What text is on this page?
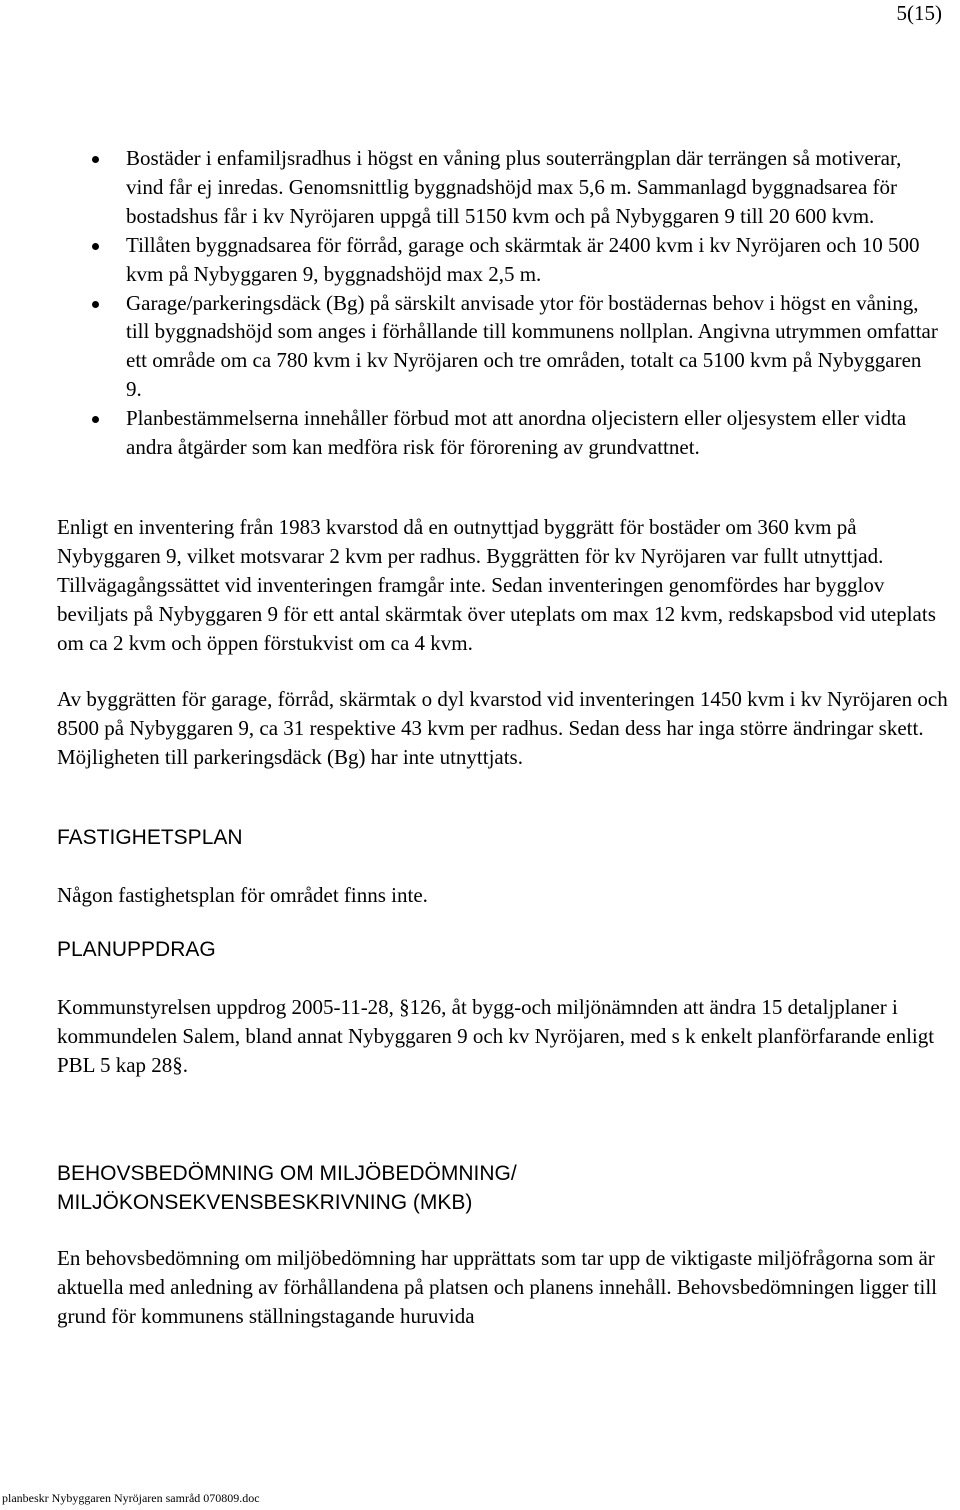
5(15)
Bostäder i enfamiljsradhus i högst en våning plus souterrängplan där terrängen så motiverar, vind får ej inredas. Genomsnittlig byggnadshöjd max 5,6 m. Sammanlagd byggnadsarea för bostadshus får i kv Nyröjaren uppgå till 5150 kvm och på Nybyggaren 9 till 20 600 kvm.
Tillåten byggnadsarea för förråd, garage och skärmtak är 2400 kvm i kv Nyröjaren och 10 500 kvm på Nybyggaren 9, byggnadshöjd max 2,5 m.
Garage/parkeringsdäck (Bg) på särskilt anvisade ytor för bostädernas behov i högst en våning, till byggnadshöjd som anges i förhållande till kommunens nollplan. Angivna utrymmen omfattar ett område om ca 780 kvm i kv Nyröjaren och tre områden, totalt ca 5100 kvm på Nybyggaren 9.
Planbestämmelserna innehåller förbud mot att anordna oljecistern eller oljesystem eller vidta andra åtgärder som kan medföra risk för förorening av grundvattnet.

Enligt en inventering från 1983 kvarstod då en outnyttjad byggrätt för bostäder om 360 kvm på Nybyggaren 9, vilket motsvarar 2 kvm per radhus. Byggrätten för kv Nyröjaren var fullt utnyttjad. Tillvägagångssättet vid inventeringen framgår inte. Sedan inventeringen genomfördes har bygglov beviljats på Nybyggaren 9 för ett antal skärmtak över uteplats om max 12 kvm, redskapsbod vid uteplats om ca 2 kvm och öppen förstukvist om ca 4 kvm.

Av byggrätten för garage, förråd, skärmtak o dyl kvarstod vid inventeringen 1450 kvm i kv Nyröjaren och 8500 på Nybyggaren 9, ca 31 respektive 43 kvm per radhus. Sedan dess har inga större ändringar skett. Möjligheten till parkeringsdäck (Bg) har inte utnyttjats.

FASTIGHETSPLAN

Någon fastighetsplan för området finns inte.

PLANUPPDRAG

Kommunstyrelsen uppdrog 2005-11-28, §126, åt bygg-och miljönämnden att ändra 15 detaljplaner i kommundelen Salem, bland annat Nybyggaren 9 och kv Nyröjaren, med s k enkelt planförfarande enligt PBL 5 kap 28§.

BEHOVSBEDÖMNING OM MILJÖBEDÖMNING/ MILJÖKONSEKVENSBESKRIVNING (MKB)

En behovsbedömning om miljöbedömning har upprättats som tar upp de viktigaste miljöfrågorna som är aktuella med anledning av förhållandena på platsen och planens innehåll. Behovsbedömningen ligger till grund för kommunens ställningstagande huruvida

planbeskr Nybyggaren Nyröjaren samråd 070809.doc
